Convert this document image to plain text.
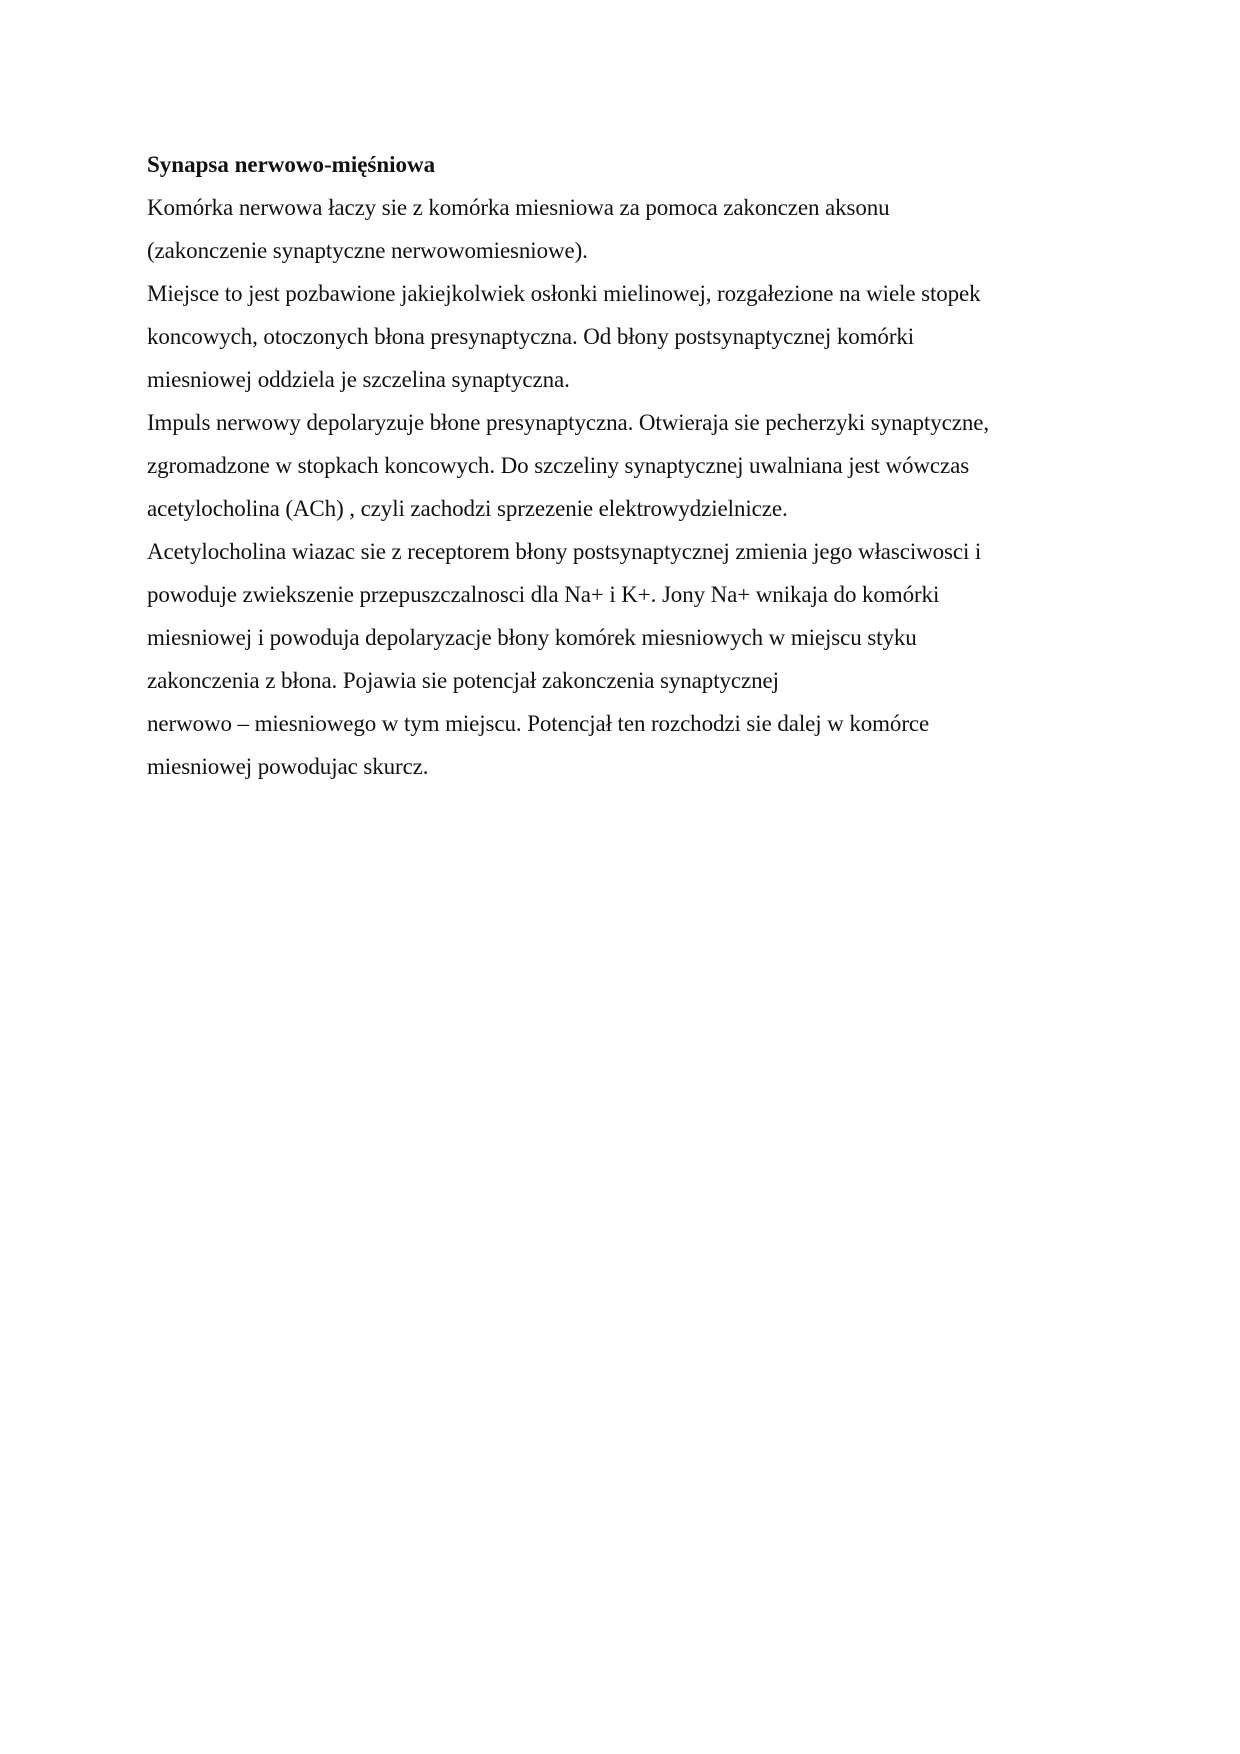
Synapsa nerwowo-mięśniowa

Komórka nerwowa łaczy sie z komórka miesniowa za pomoca zakonczen aksonu

(zakonczenie synaptyczne nerwowomiesniowe).

Miejsce to jest pozbawione jakiejkolwiek osłonki mielinowej, rozgałezione na wiele stopek

koncowych, otoczonych błona presynaptyczna. Od błony postsynaptycznej komórki

miesniowej oddziela je szczelina synaptyczna.

Impuls nerwowy depolaryzuje błone presynaptyczna. Otwieraja sie pecherzyki synaptyczne,

zgromadzone w stopkach koncowych. Do szczeliny synaptycznej uwalniana jest wówczas

acetylocholina (ACh) , czyli zachodzi sprzezenie elektrowydzielnicze.

Acetylocholina wiazac sie z receptorem błony postsynaptycznej zmienia jego własciwosci i

powoduje zwiekszenie przepuszczalnosci dla Na+ i K+. Jony Na+ wnikaja do komórki

miesniowej i powoduja depolaryzacje błony komórek miesniowych w miejscu styku

zakonczenia z błona. Pojawia sie potencjał zakonczenia synaptycznej

nerwowo – miesniowego w tym miejscu. Potencjał ten rozchodzi sie dalej w komórce

miesniowej powodujac skurcz.
